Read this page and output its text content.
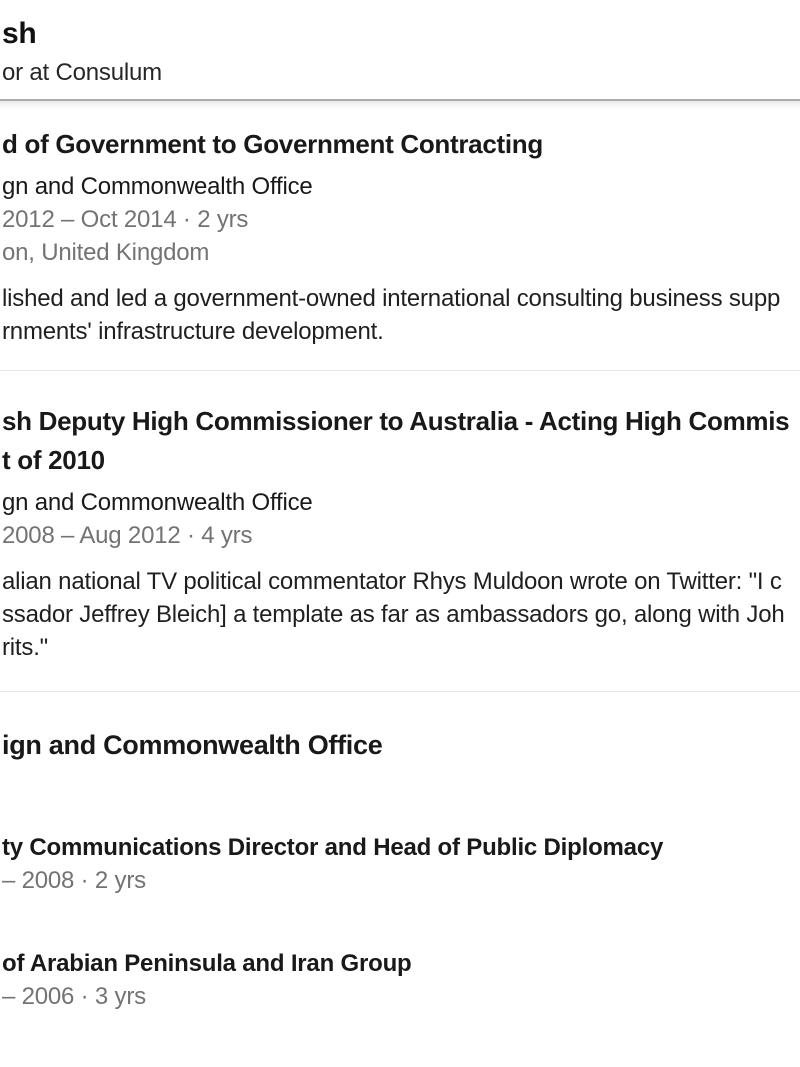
sh
or at Consulum
d of Government to Government Contracting
gn and Commonwealth Office
2012 – Oct 2014 · 2 yrs
on, United Kingdom
lished and led a government-owned international consulting business supp
rnments' infrastructure development.
sh Deputy High Commissioner to Australia - Acting High Commis
t of 2010
gn and Commonwealth Office
2008 – Aug 2012 · 4 yrs
alian national TV political commentator Rhys Muldoon wrote on Twitter: "I c
ssador Jeffrey Bleich] a template as far as ambassadors go, along with Joh
rits."
ign and Commonwealth Office
ty Communications Director and Head of Public Diplomacy
– 2008 · 2 yrs
of Arabian Peninsula and Iran Group
– 2006 · 3 yrs
